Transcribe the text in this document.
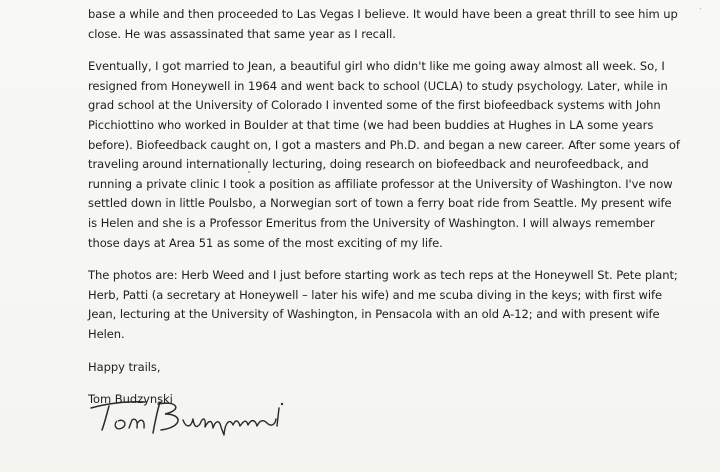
base a while and then proceeded to Las Vegas I believe. It would have been a great thrill to see him up
close. He was assassinated that same year as I recall.

Eventually, I got married to Jean, a beautiful girl who didn't like me going away almost all week. So, I
resigned from Honeywell in 1964 and went back to school (UCLA) to study psychology. Later, while in
grad school at the University of Colorado I invented some of the first biofeedback systems with John
Picchiottino who worked in Boulder at that time (we had been buddies at Hughes in LA some years
before). Biofeedback caught on, I got a masters and Ph.D. and began a new career. After some years of
traveling around internationally lecturing, doing research on biofeedback and neurofeedback, and
running a private clinic I took a position as affiliate professor at the University of Washington. I've now
settled down in little Poulsbo, a Norwegian sort of town a ferry boat ride from Seattle. My present wife
is Helen and she is a Professor Emeritus from the University of Washington. I will always remember
those days at Area 51 as some of the most exciting of my life.

The photos are: Herb Weed and I just before starting work as tech reps at the Honeywell St. Pete plant;
Herb, Patti (a secretary at Honeywell – later his wife) and me scuba diving in the keys; with first wife
Jean, lecturing at the University of Washington, in Pensacola with an old A-12; and with present wife
Helen.

Happy trails,

Tom Budzynski
